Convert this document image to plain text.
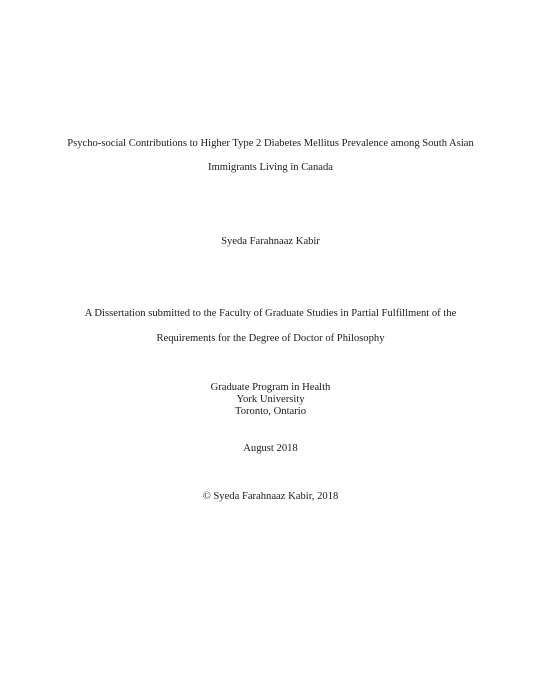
Psycho-social Contributions to Higher Type 2 Diabetes Mellitus Prevalence among South Asian
Immigrants Living in Canada
Syeda Farahnaaz Kabir
A Dissertation submitted to the Faculty of Graduate Studies in Partial Fulfillment of the
Requirements for the Degree of Doctor of Philosophy
Graduate Program in Health
York University
Toronto, Ontario
August 2018
© Syeda Farahnaaz Kabir, 2018
